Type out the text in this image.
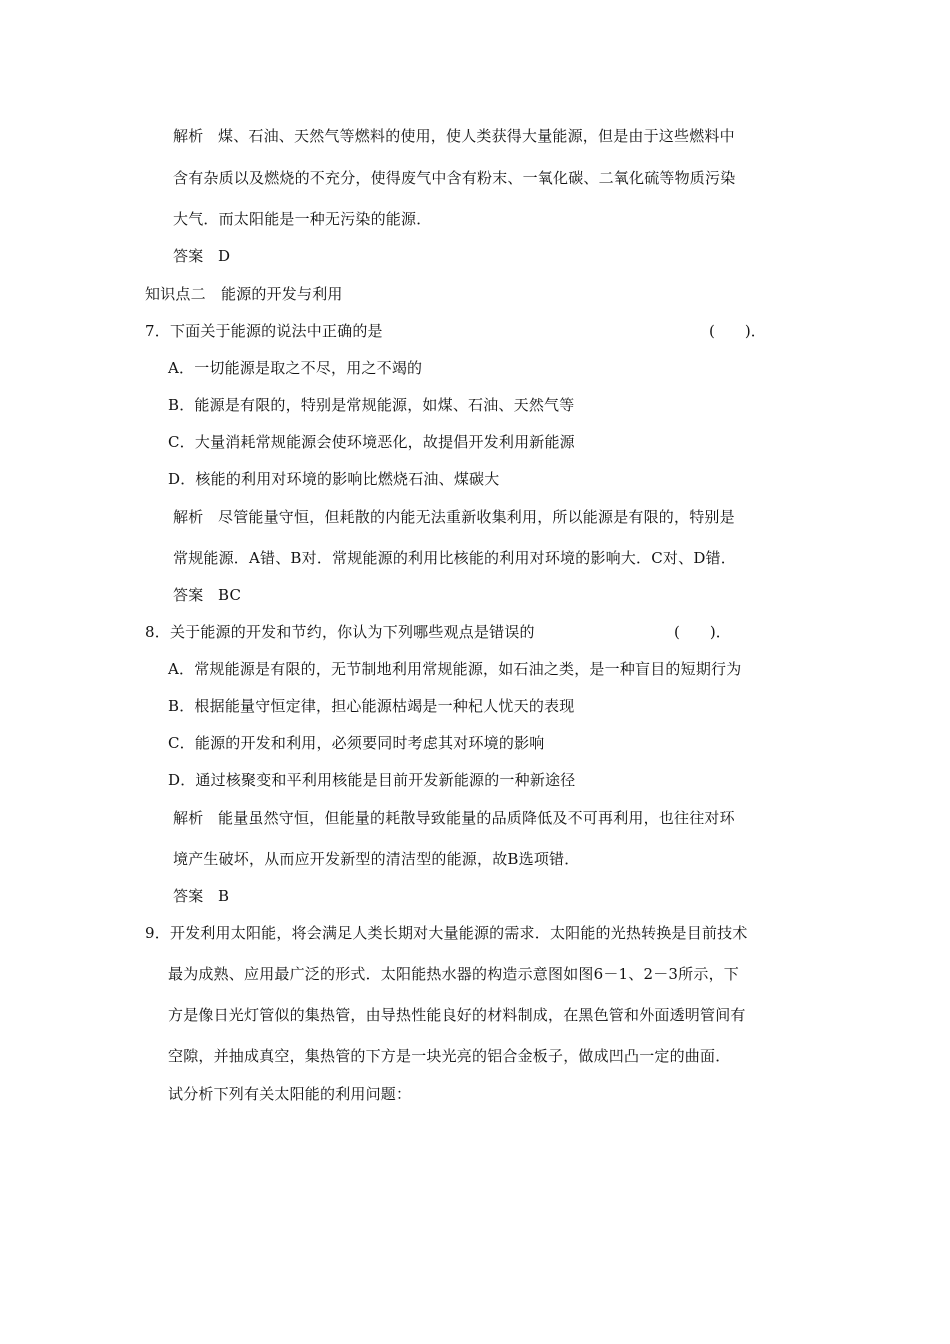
解析 煤、石油、天然气等燃料的使用，使人类获得大量能源，但是由于这些燃料中
含有杂质以及燃烧的不充分，使得废气中含有粉末、一氧化碳、二氧化硫等物质污染
大气．而太阳能是一种无污染的能源．
答案 D
知识点二　能源的开发与利用
7．下面关于能源的说法中正确的是	(　　)．
A．一切能源是取之不尽，用之不竭的
B．能源是有限的，特别是常规能源，如煤、石油、天然气等
C．大量消耗常规能源会使环境恶化，故提倡开发利用新能源
D．核能的利用对环境的影响比燃烧石油、煤碳大
解析 尽管能量守恒，但耗散的内能无法重新收集利用，所以能源是有限的，特别是
常规能源．A错、B对．常规能源的利用比核能的利用对环境的影响大．C对、D错．
答案 BC
8．关于能源的开发和节约，你认为下列哪些观点是错误的	(　　)．
A．常规能源是有限的，无节制地利用常规能源，如石油之类，是一种盲目的短期行为
B．根据能量守恒定律，担心能源枯竭是一种杞人忧天的表现
C．能源的开发和利用，必须要同时考虑其对环境的影响
D．通过核聚变和平利用核能是目前开发新能源的一种新途径
解析 能量虽然守恒，但能量的耗散导致能量的品质降低及不可再利用，也往往对环
境产生破坏，从而应开发新型的清洁型的能源，故B选项错．
答案 B
9．开发利用太阳能，将会满足人类长期对大量能源的需求．太阳能的光热转换是目前技术
最为成熟、应用最广泛的形式．太阳能热水器的构造示意图如图6－1、2－3所示，下
方是像日光灯管似的集热管，由导热性能良好的材料制成，在黑色管和外面透明管间有
空隙，并抽成真空，集热管的下方是一块光亮的铝合金板子，做成凹凸一定的曲面．
试分析下列有关太阳能的利用问题：
